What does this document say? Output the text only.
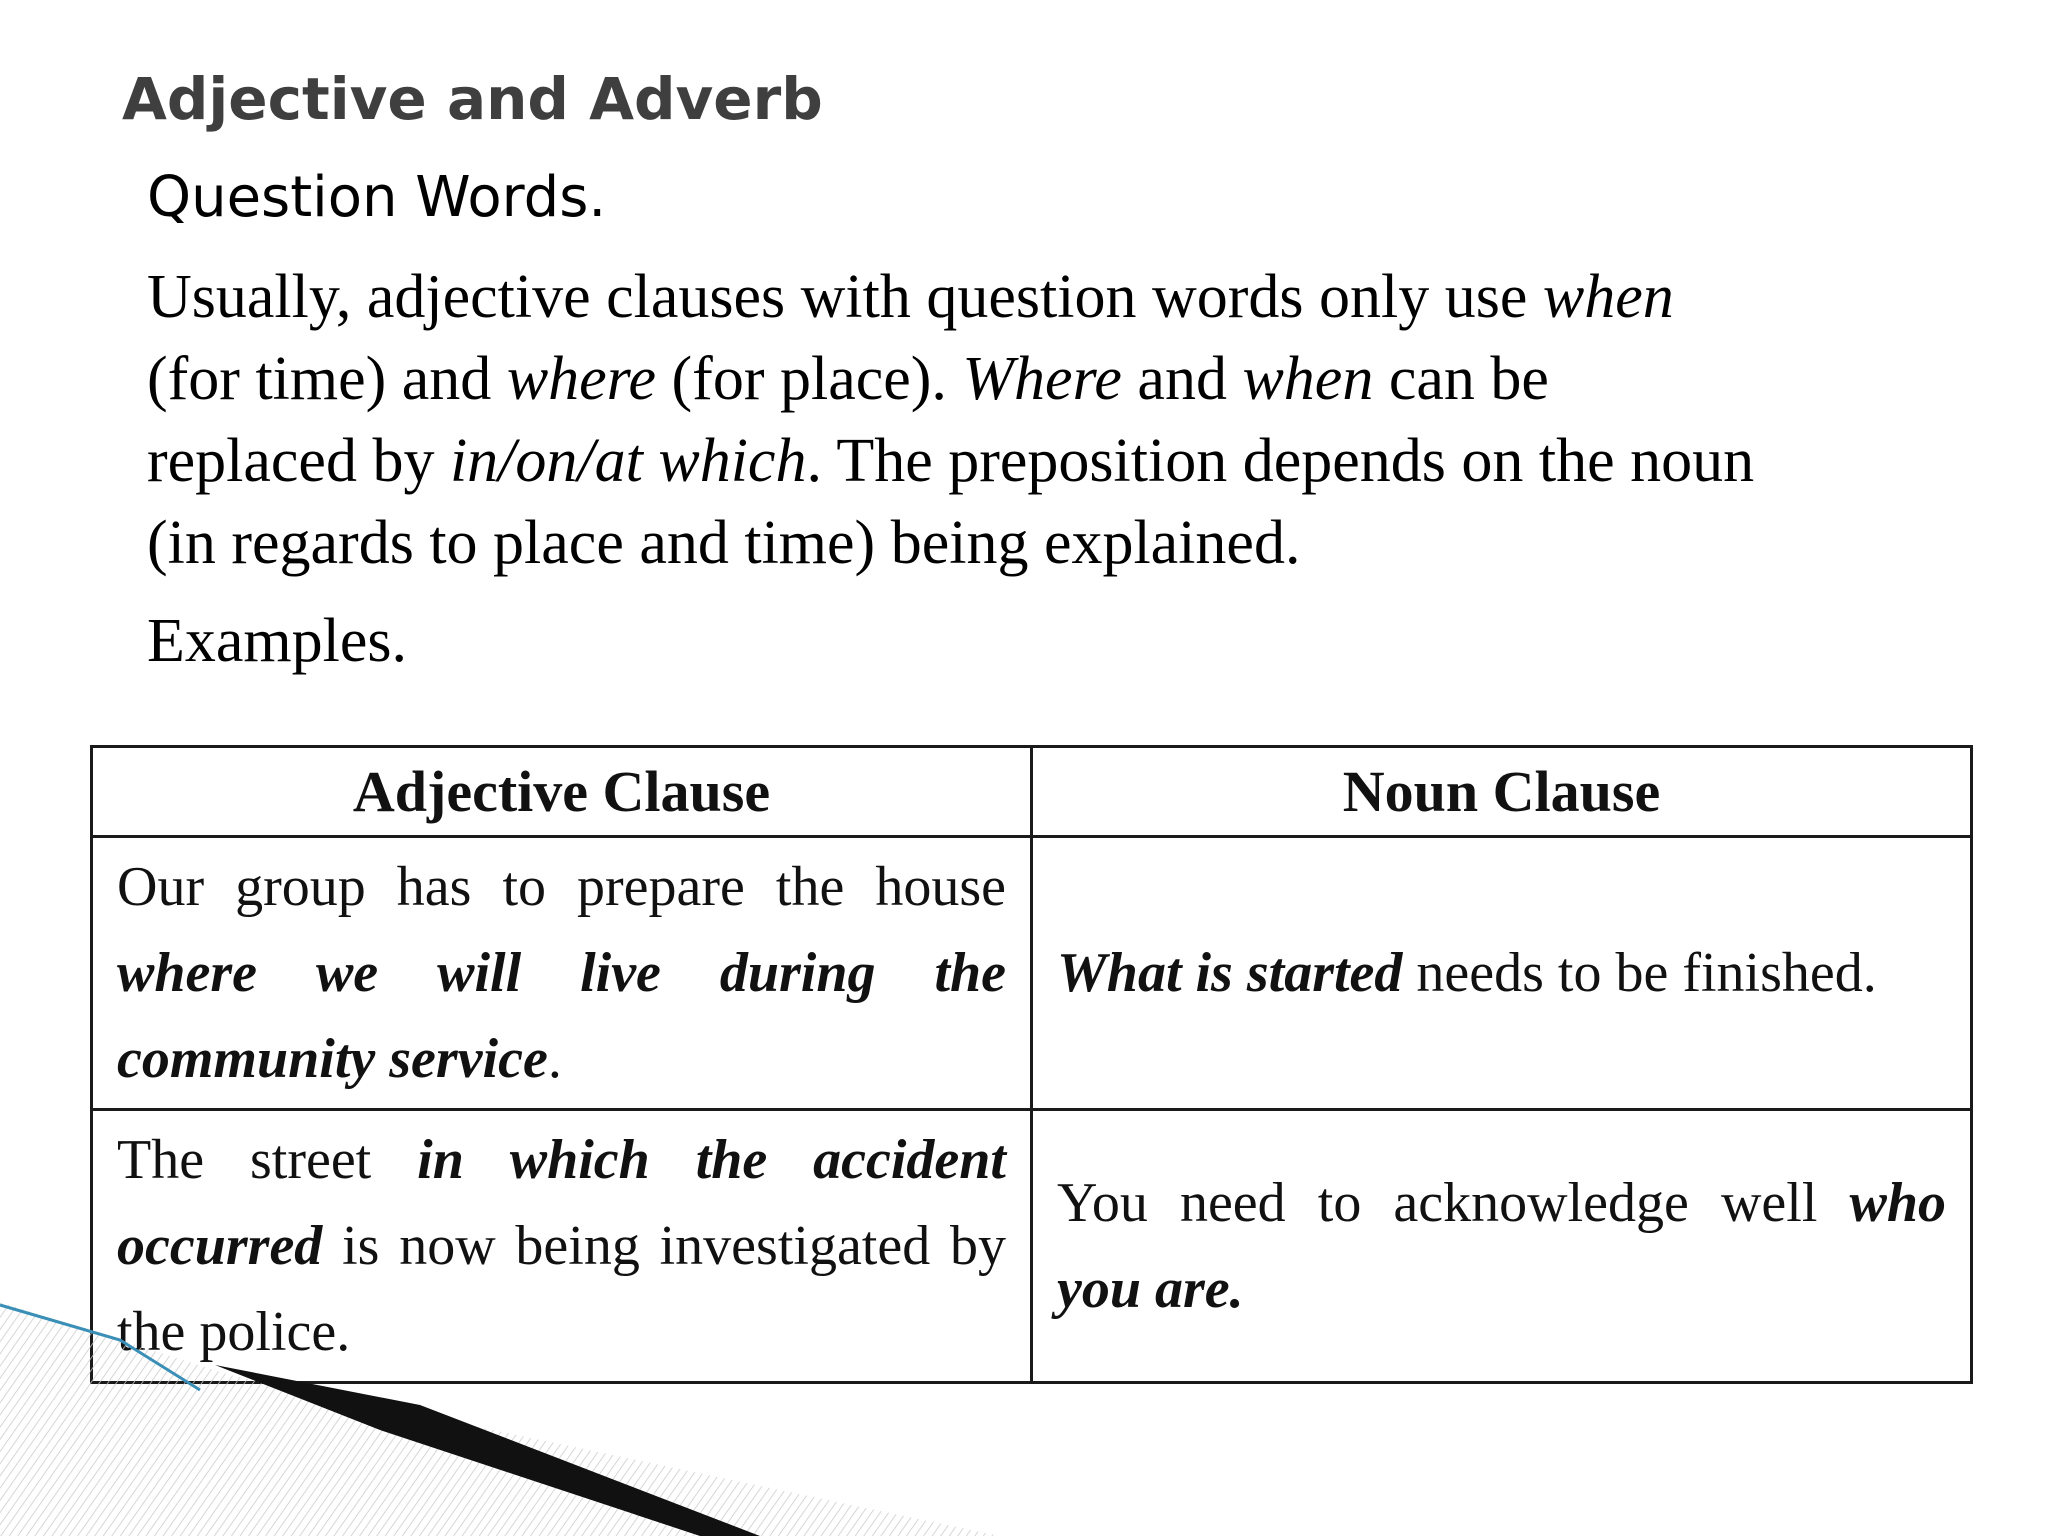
Adjective and Adverb
Question Words.
Usually, adjective clauses with question words only use when
(for time) and where (for place). Where and when can be
replaced by in/on/at which. The preposition depends on the noun
(in regards to place and time) being explained.
Examples.
Adjective Clause	Noun Clause
Our group has to prepare the house where we will live during the community service.	What is started needs to be finished.
The street in which the accident occurred is now being investigated by the police.	You need to acknowledge well who you are.
